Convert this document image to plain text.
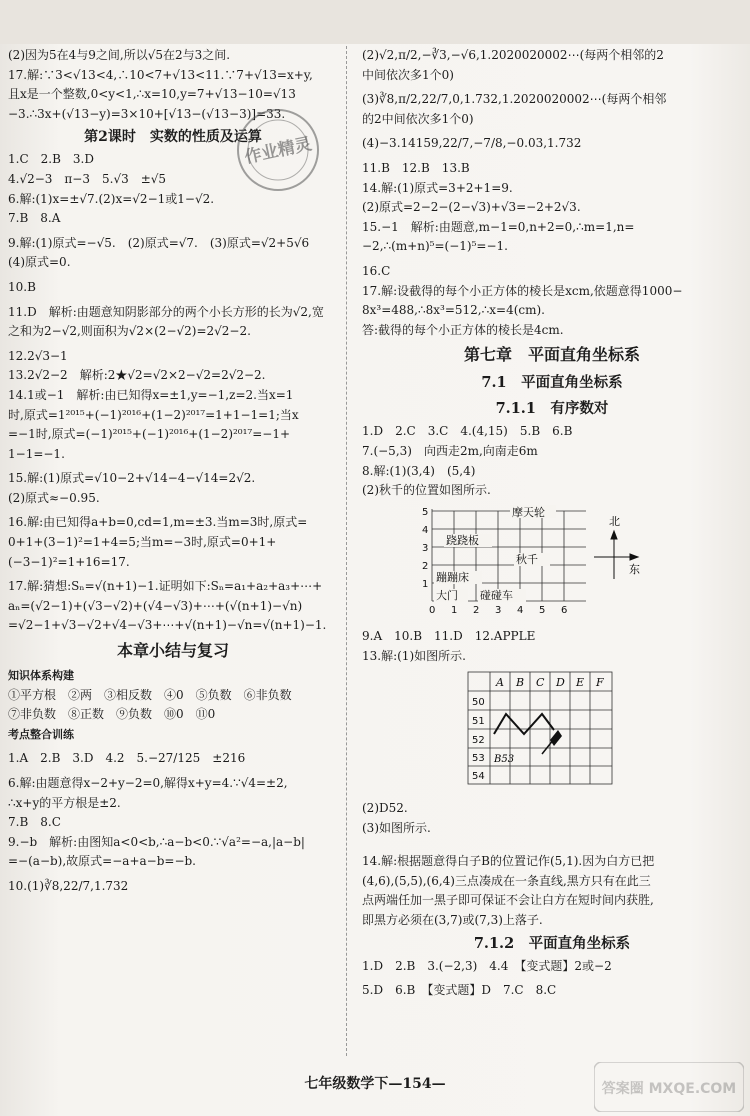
(2)因为5在4与9之间,所以√5在2与3之间.
17.解:∵3<√13<4,∴10<7+√13<11.∵7+√13=x+y,
且x是一个整数,0<y<1,∴x=10,y=7+√13−10=√13
−3.∴3x+(√13−y)=3×10+[√13−(√13−3)]=33.
第2课时　实数的性质及运算
1.C　2.B　3.D
4.√2−3　π−3　5.√3　±√5
6.解:(1)x=±√7.(2)x=√2−1或1−√2.
7.B　8.A
9.解:(1)原式=−√5.　(2)原式=√7.　(3)原式=√2+5√6
(4)原式=0.
10.B
11.D　解析:由题意知阴影部分的两个小长方形的长为√2,宽
之和为2−√2,则面积为√2×(2−√2)=2√2−2.
12.2√3−1
13.2√2−2　解析:2★√2=√2×2−√2=2√2−2.
14.1或−1　解析:由已知得x=±1,y=−1,z=2.当x=1
时,原式=1²⁰¹⁵+(−1)²⁰¹⁶+(1−2)²⁰¹⁷=1+1−1=1;当x
=−1时,原式=(−1)²⁰¹⁵+(−1)²⁰¹⁶+(1−2)²⁰¹⁷=−1+
1−1=−1.
15.解:(1)原式=√10−2+√14−4−√14=2√2.
(2)原式≈−0.95.
16.解:由已知得a+b=0,cd=1,m=±3.当m=3时,原式=
0+1+(3−1)²=1+4=5;当m=−3时,原式=0+1+
(−3−1)²=1+16=17.
17.解:猜想:Sₙ=√(n+1)−1.证明如下:Sₙ=a₁+a₂+a₃+⋯+
aₙ=(√2−1)+(√3−√2)+(√4−√3)+⋯+(√(n+1)−√n)
=√2−1+√3−√2+√4−√3+⋯+√(n+1)−√n=√(n+1)−1.
本章小结与复习
知识体系构建
①平方根　②两　③相反数　④0　⑤负数　⑥非负数
⑦非负数　⑧正数　⑨负数　⑩0　⑪0
考点整合训练
1.A　2.B　3.D　4.2　5.−27/125　±216
6.解:由题意得x−2+y−2=0,解得x+y=4.∵√4=±2,
∴x+y的平方根是±2.
7.B　8.C
9.−b　解析:由图知a<0<b,∴a−b<0.∵√a²=−a,|a−b|
=−(a−b),故原式=−a+a−b=−b.
10.(1)∛8,22/7,1.732
作业精灵
(2)√2,π/2,−∛3,−√6,1.2020020002⋯(每两个相邻的2
中间依次多1个0)
(3)∛8,π/2,22/7,0,1.732,1.2020020002⋯(每两个相邻
的2中间依次多1个0)
(4)−3.14159,22/7,−7/8,−0.03,1.732
11.B　12.B　13.B
14.解:(1)原式=3+2+1=9.
(2)原式=2−2−(2−√3)+√3=−2+2√3.
15.−1　解析:由题意,m−1=0,n+2=0,∴m=1,n=
−2,∴(m+n)⁵=(−1)⁵=−1.
16.C
17.解:设截得的每个小正方体的棱长是xcm,依题意得1000−
8x³=488,∴8x³=512,∴x=4(cm).
答:截得的每个小正方体的棱长是4cm.
第七章　平面直角坐标系
7.1　平面直角坐标系
7.1.1　有序数对
1.D　2.C　3.C　4.(4,15)　5.B　6.B
7.(−5,3)　向西走2m,向南走6m
8.解:(1)(3,4)　(5,4)
(2)秋千的位置如图所示.
0 1 2 3 4 5 6
1
2
3
4
5	摩天轮
跷跷板
秋千
蹦蹦床
大门 碰碰车
北
东
9.A　10.B　11.D　12.APPLE
13.解:(1)如图所示.
A B C D E F
50
51
52
53
54
B53
(2)D52.
(3)如图所示.
14.解:根据题意得白子B的位置记作(5,1).因为白方已把
(4,6),(5,5),(6,4)三点凑成在一条直线,黑方只有在此三
点两端任加一黑子即可保证不会让白方在短时间内获胜,
即黑方必须在(3,7)或(7,3)上落子.
7.1.2　平面直角坐标系
1.D　2.B　3.(−2,3)　4.4　【变式题】2或−2
5.D　6.B　【变式题】D　7.C　8.C
七年级数学下—154—	答案圈 MXQE.COM
